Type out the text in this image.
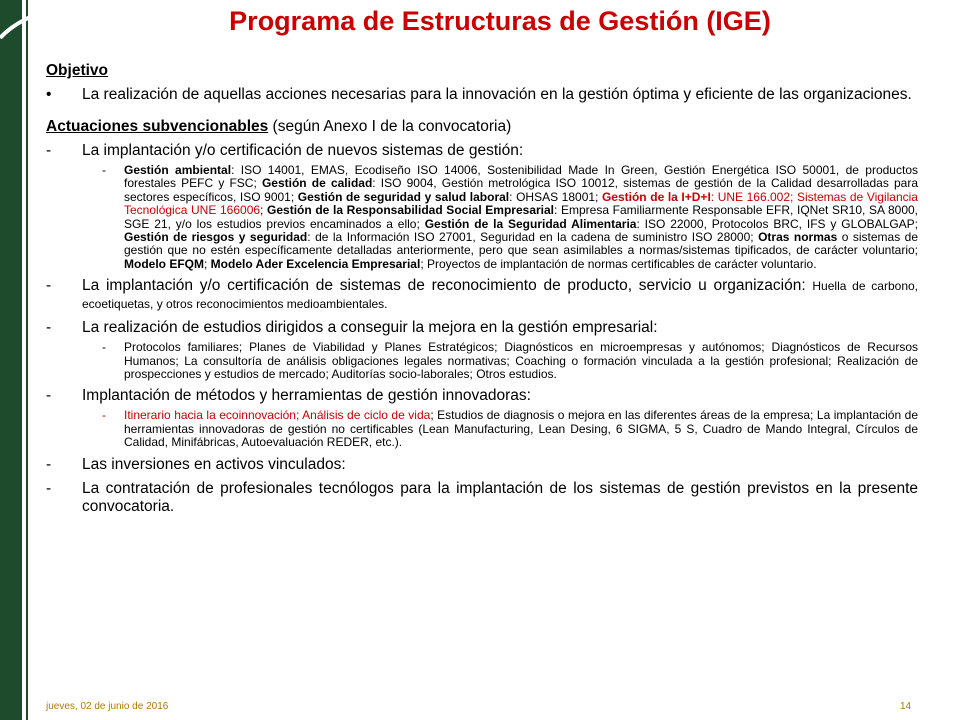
Programa de Estructuras de Gestión (IGE)
Objetivo
•	La realización de aquellas acciones necesarias para la innovación en la gestión óptima y eficiente de las organizaciones.
Actuaciones subvencionables (según Anexo I de la convocatoria)
-	La implantación y/o certificación de nuevos sistemas de gestión:
-	Gestión ambiental: ISO 14001, EMAS, Ecodiseño ISO 14006, Sostenibilidad Made In Green, Gestión Energética ISO 50001, de productos forestales PEFC y FSC; Gestión de calidad: ISO 9004, Gestión metrológica ISO 10012, sistemas de gestión de la Calidad desarrolladas para sectores específicos, ISO 9001; Gestión de seguridad y salud laboral: OHSAS 18001; Gestión de la I+D+I: UNE 166.002; Sistemas de Vigilancia Tecnológica UNE 166006; Gestión de la Responsabilidad Social Empresarial: Empresa Familiarmente Responsable EFR, IQNet SR10, SA 8000, SGE 21, y/o los estudios previos encaminados a ello; Gestión de la Seguridad Alimentaria: ISO 22000, Protocolos BRC, IFS y GLOBALGAP; Gestión de riesgos y seguridad: de la Información ISO 27001, Seguridad en la cadena de suministro ISO 28000; Otras normas o sistemas de gestión que no estén específicamente detalladas anteriormente, pero que sean asimilables a normas/sistemas tipificados, de carácter voluntario; Modelo EFQM; Modelo Ader Excelencia Empresarial; Proyectos de implantación de normas certificables de carácter voluntario.
-	La implantación y/o certificación de sistemas de reconocimiento de producto, servicio u organización: Huella de carbono, ecoetiquetas, y otros reconocimientos medioambientales.
-	La realización de estudios dirigidos a conseguir la mejora en la gestión empresarial:
-	Protocolos familiares; Planes de Viabilidad y Planes Estratégicos; Diagnósticos en microempresas y autónomos; Diagnósticos de Recursos Humanos; La consultoría de análisis obligaciones legales normativas; Coaching o formación vinculada a la gestión profesional; Realización de prospecciones y estudios de mercado; Auditorías socio-laborales; Otros estudios.
-	Implantación de métodos y herramientas de gestión innovadoras:
-	Itinerario hacia la ecoinnovación; Análisis de ciclo de vida; Estudios de diagnosis o mejora en las diferentes áreas de la empresa; La implantación de herramientas innovadoras de gestión no certificables (Lean Manufacturing, Lean Desing, 6 SIGMA, 5 S, Cuadro de Mando Integral, Círculos de Calidad, Minifábricas, Autoevaluación REDER, etc.).
-	Las inversiones en activos vinculados:
-	La contratación de profesionales tecnólogos para la implantación de los sistemas de gestión previstos en la presente convocatoria.
jueves, 02 de junio de 2016	14
